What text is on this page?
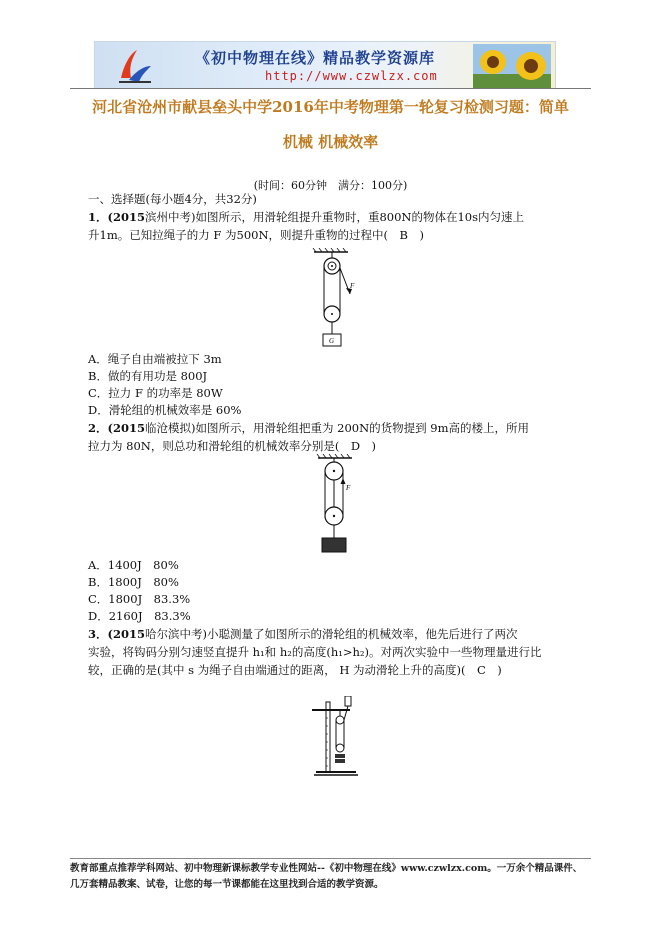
《初中物理在线》精品教学资源库
http://www.czwlzx.com
河北省沧州市献县垒头中学2016年中考物理第一轮复习检测习题：简单
机械 机械效率
(时间：60分钟　满分：100分)
一、选择题(每小题4分，共32分)
1．(2015滨州中考)如图所示，用滑轮组提升重物时，重800N的物体在10s内匀速上
升1m。已知拉绳子的力 F 为500N，则提升重物的过程中(　B　)
F
G
A．绳子自由端被拉下 3m
B．做的有用功是 800J
C．拉力 F 的功率是 80W
D．滑轮组的机械效率是 60%
2．(2015临沧模拟)如图所示，用滑轮组把重为 200N的货物提到 9m高的楼上，所用
拉力为 80N，则总功和滑轮组的机械效率分别是(　D　)
F
A．1400J　80%
B．1800J　80%
C．1800J　83.3%
D．2160J　83.3%
3．(2015哈尔滨中考)小聪测量了如图所示的滑轮组的机械效率，他先后进行了两次
实验，将钩码分别匀速竖直提升 h₁和 h₂的高度(h₁>h₂)。对两次实验中一些物理量进行比
较，正确的是(其中 s 为绳子自由端通过的距离， H 为动滑轮上升的高度)(　C　)
教育部重点推荐学科网站、初中物理新课标教学专业性网站--《初中物理在线》www.czwlzx.com。一万余个精品课件、
几万套精品教案、试卷，让您的每一节课都能在这里找到合适的教学资源。
